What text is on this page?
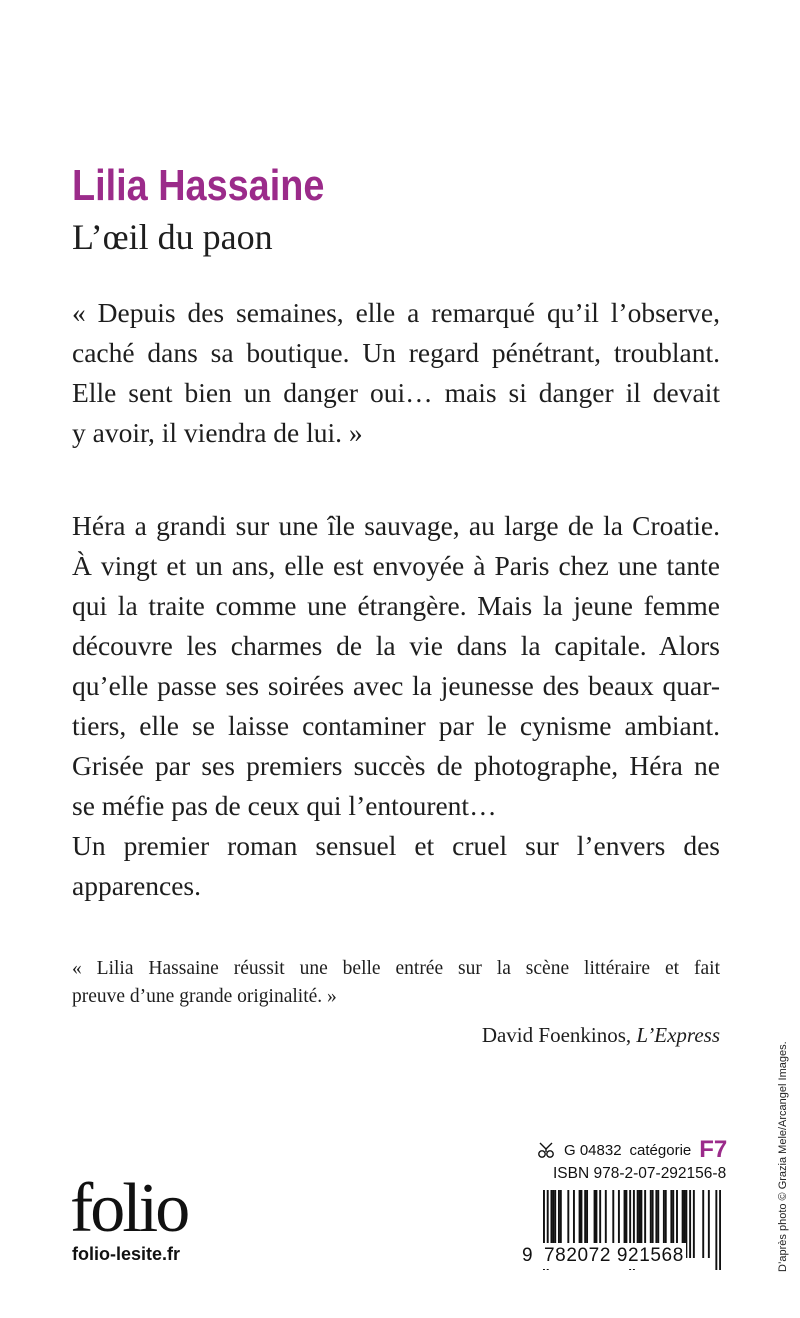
Lilia Hassaine
L’œil du paon
« Depuis des semaines, elle a remarqué qu’il l’observe,
caché dans sa boutique. Un regard pénétrant, troublant.
Elle sent bien un danger oui… mais si danger il devait
y avoir, il viendra de lui. »
Héra a grandi sur une île sauvage, au large de la Croatie.
À vingt et un ans, elle est envoyée à Paris chez une tante
qui la traite comme une étrangère. Mais la jeune femme
découvre les charmes de la vie dans la capitale. Alors
qu’elle passe ses soirées avec la jeunesse des beaux quar-
tiers, elle se laisse contaminer par le cynisme ambiant.
Grisée par ses premiers succès de photographe, Héra ne
se méfie pas de ceux qui l’entourent…
Un premier roman sensuel et cruel sur l’envers des
apparences.
« Lilia Hassaine réussit une belle entrée sur la scène littéraire et fait
preuve d’une grande originalité. »
David Foenkinos, L’Express
D’après photo © Grazia Mele/Arcangel Images.
folio
folio-lesite.fr
G 04832 catégorie F7
ISBN 978-2-07-292156-8
9 782072 921568
